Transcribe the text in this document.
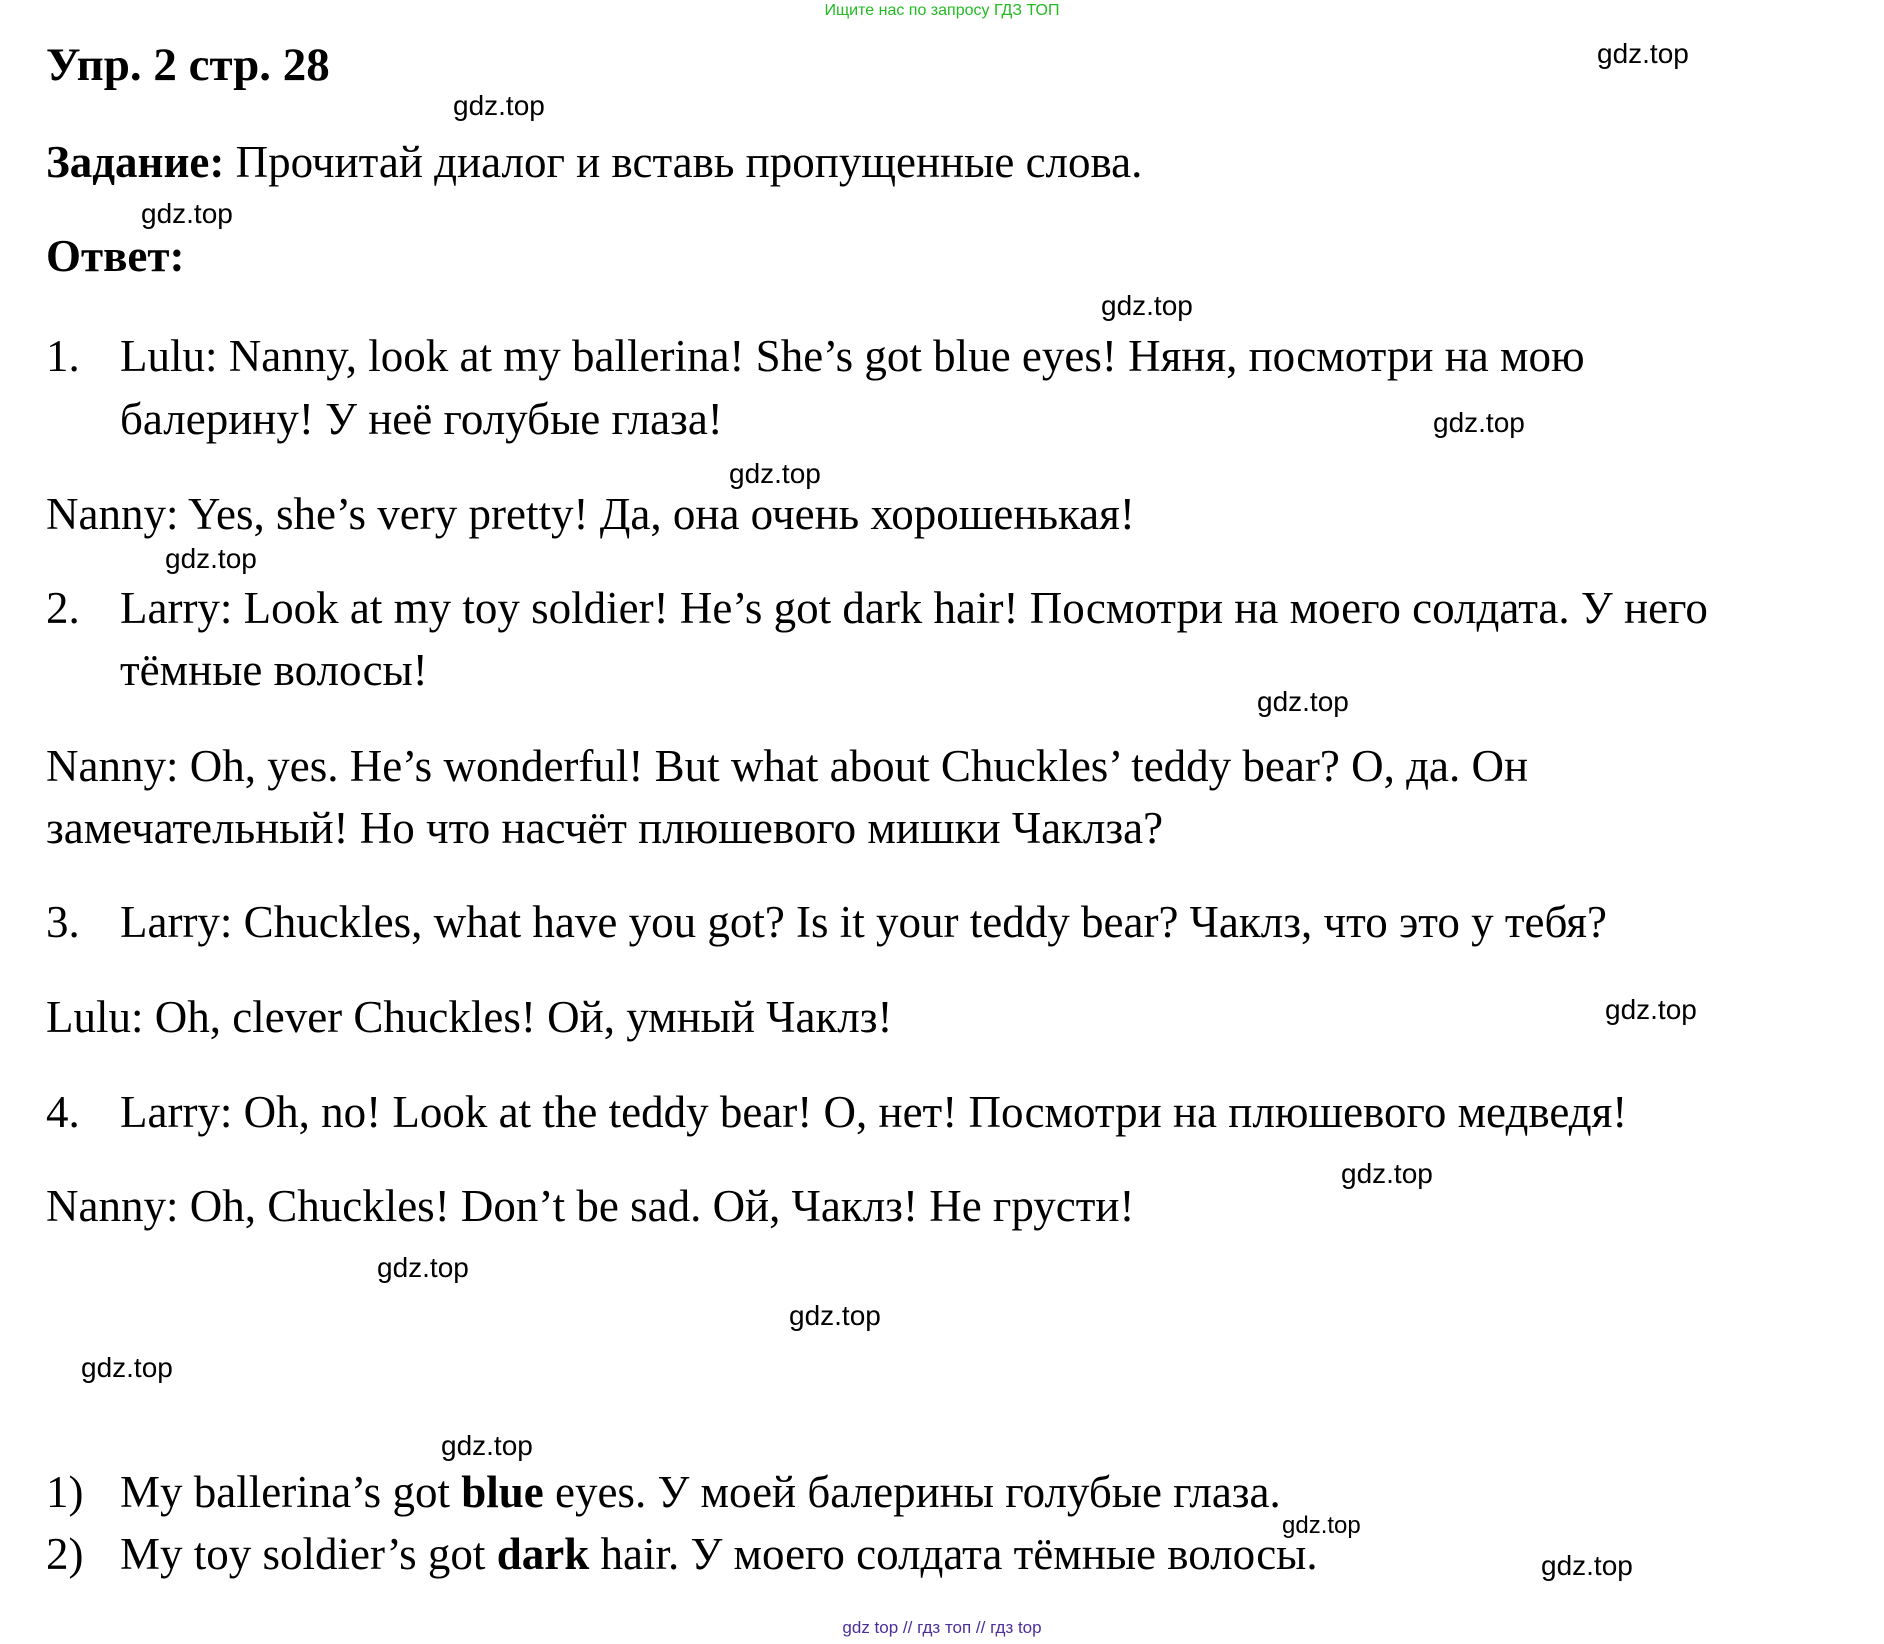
Ищите нас по запросу ГДЗ ТОП
Упр. 2 стр. 28
Задание: Прочитай диалог и вставь пропущенные слова.
Ответ:
1. Lulu: Nanny, look at my ballerina! She’s got blue eyes! Няня, посмотри на мою
балерину! У неё голубые глаза!
Nanny: Yes, she’s very pretty! Да, она очень хорошенькая!
2. Larry: Look at my toy soldier! He’s got dark hair! Посмотри на моего солдата. У него
тёмные волосы!
Nanny: Oh, yes. He’s wonderful! But what about Chuckles’ teddy bear? О, да. Он
замечательный! Но что насчёт плюшевого мишки Чаклза?
3. Larry: Chuckles, what have you got? Is it your teddy bear? Чаклз, что это у тебя?
Lulu: Oh, clever Chuckles! Ой, умный Чаклз!
4. Larry: Oh, no! Look at the teddy bear! О, нет! Посмотри на плюшевого медведя!
Nanny: Oh, Chuckles! Don’t be sad. Ой, Чаклз! Не грусти!
1) My ballerina’s got blue eyes. У моей балерины голубые глаза.
2) My toy soldier’s got dark hair. У моего солдата тёмные волосы.
gdz.top
gdz.top
gdz.top
gdz.top
gdz.top
gdz.top
gdz.top
gdz.top
gdz.top
gdz.top
gdz.top
gdz.top
gdz.top
gdz.top
gdz.top
gdz.top
gdz top // гдз топ // гдз top
